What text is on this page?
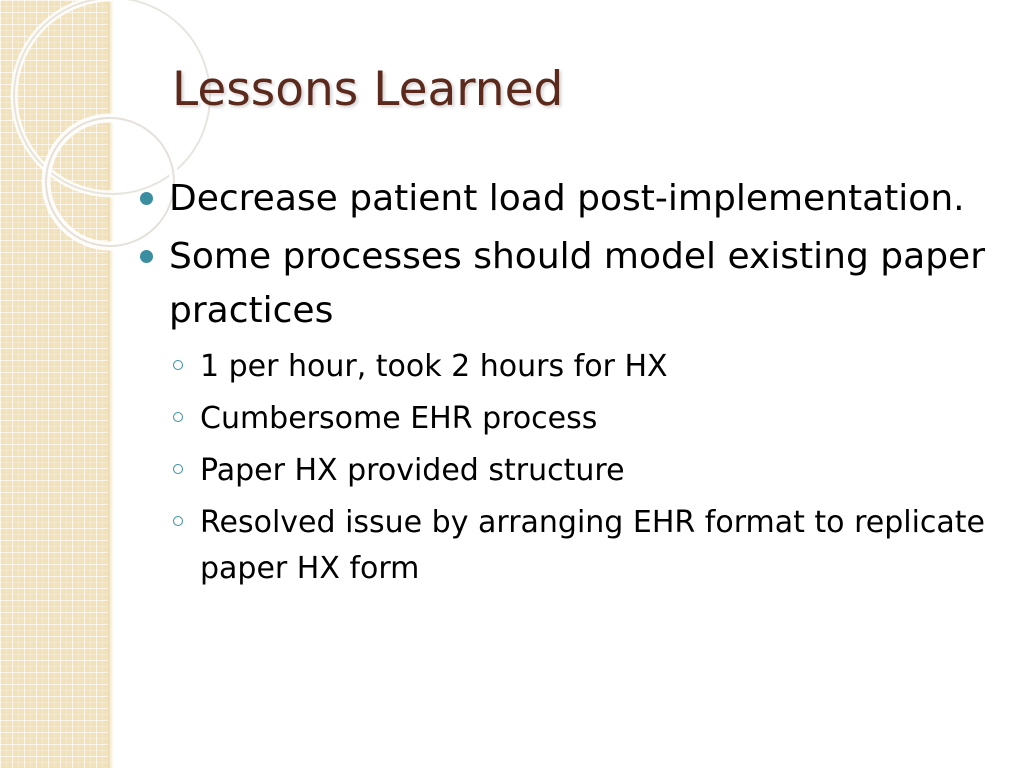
Lessons Learned
Decrease patient load post-implementation.
Some processes should model existing paper practices
1 per hour, took 2 hours for HX
Cumbersome EHR process
Paper HX provided structure
Resolved issue by arranging EHR format to replicate paper HX form
